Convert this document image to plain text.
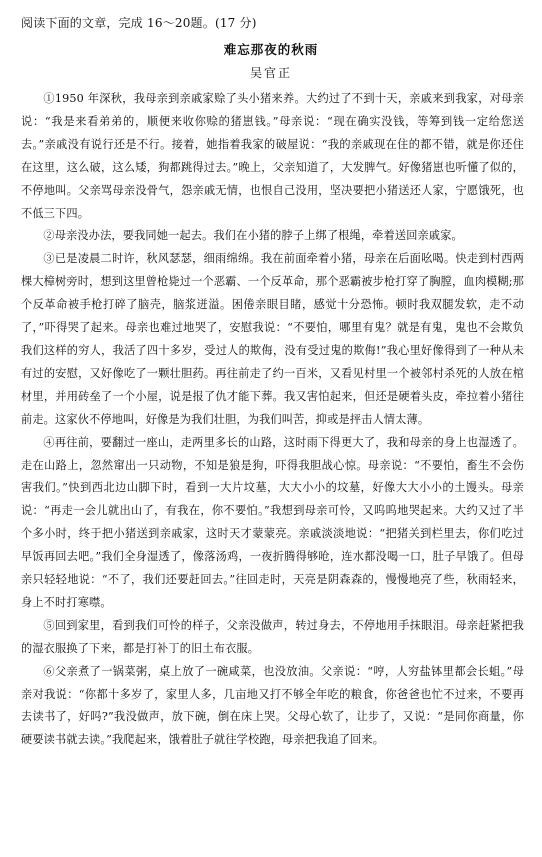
阅读下面的文章，完成 16～20题。(17 分)
难忘那夜的秋雨
吴官正

①1950 年深秋，我母亲到亲戚家赊了头小猪来养。大约过了不到十天，亲戚来到我家，对母亲说：“我是来看弟弟的，顺便来收你赊的猪崽钱。”母亲说：“现在确实没钱，等筹到钱一定给您送去。”亲戚没有说行还是不行。接着，她指着我家的破屋说：“我的亲戚现在住的都不错，就是你还住在这里，这么破，这么矮，狗都跳得过去。”晚上，父亲知道了，大发脾气。好像猪崽也听懂了似的，不停地叫。父亲骂母亲没骨气，怨亲戚无情，也恨自己没用，坚决要把小猪送还人家，宁愿饿死，也不低三下四。

②母亲没办法，要我同她一起去。我们在小猪的脖子上绑了根绳，牵着送回亲戚家。

③已是凌晨二时许，秋风瑟瑟，细雨绵绵。我在前面牵着小猪，母亲在后面吆喝。快走到村西两棵大樟树旁时，想到这里曾枪毙过一个恶霸、一个反革命，那个恶霸被步枪打穿了胸膛，血肉模糊;那个反革命被手枪打碎了脑壳，脑浆迸溢。困倦亲眼目睹，感觉十分恐怖。顿时我双腿发软，走不动了，”吓得哭了起来。母亲也难过地哭了，安慰我说：“不要怕，哪里有鬼？就是有鬼，鬼也不会欺负我们这样的穷人，我活了四十多岁，受过人的欺侮，没有受过鬼的欺侮!”我心里好像得到了一种从未有过的安慰，又好像吃了一颗壮胆药。再往前走了约一百米，又看见村里一个被邻村杀死的人放在棺材里，并用砖垒了一个小屋，说是报了仇才能下葬。我又害怕起来，但还是硬着头皮，牵拉着小猪往前走。这家伙不停地叫，好像是为我们壮胆，为我们叫苦，抑或是抨击人情太薄。

④再往前，要翻过一座山，走两里多长的山路，这时雨下得更大了，我和母亲的身上也湿透了。走在山路上，忽然窜出一只动物，不知是狼是狗，吓得我胆战心惊。母亲说：“不要怕，畜生不会伤害我们。”快到西北边山脚下时，看到一大片坟墓，大大小小的坟墓，好像大大小小的土馒头。母亲说：“再走一会儿就出山了，有我在，你不要怕。”我想到母亲可怜，又呜呜地哭起来。大约又过了半个多小时，终于把小猪送到亲戚家，这时天才蒙蒙亮。亲戚淡淡地说：“把猪关到栏里去，你们吃过早饭再回去吧。”我们全身湿透了，像落汤鸡，一夜折腾得够呛，连水都没喝一口，肚子早饿了。但母亲只轻轻地说：“不了，我们还要赶回去。”往回走时，天亮是阴森森的，慢慢地亮了些，秋雨轻来，身上不时打寒噤。

⑤回到家里，看到我们可怜的样子，父亲没做声，转过身去，不停地用手抹眼泪。母亲赶紧把我的湿衣服换了下来，都是打补丁的旧土布衣服。

⑥父亲煮了一锅菜粥，桌上放了一碗咸菜，也没放油。父亲说：“哼，人穷盐钵里都会长蛆。”母亲对我说：“你都十多岁了，家里人多，几亩地又打不够全年吃的粮食，你爸爸也忙不过来，不要再去读书了，好吗?”我没做声，放下碗，倒在床上哭。父母心软了，让步了，又说：“是同你商量，你硬要读书就去读。”我爬起来，饿着肚子就往学校跑，母亲把我追了回来。
